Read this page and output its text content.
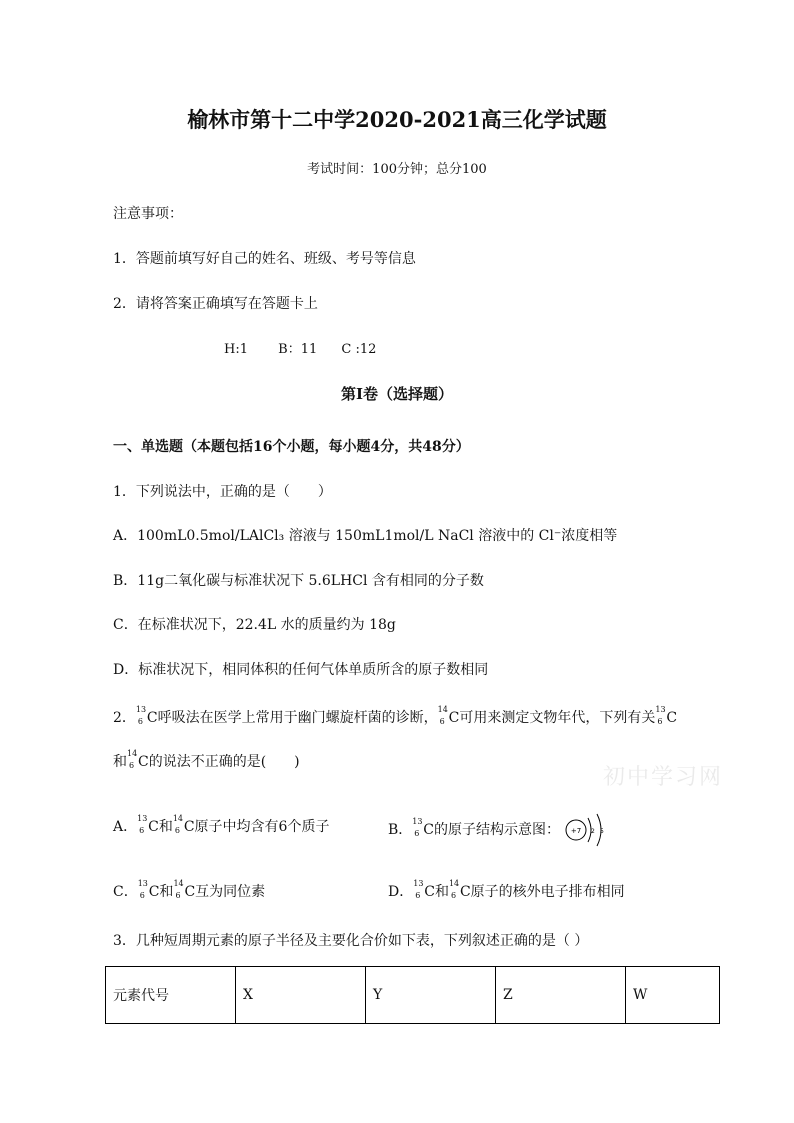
榆林市第十二中学2020-2021高三化学试题
考试时间：100分钟；总分100
注意事项：
1．答题前填写好自己的姓名、班级、考号等信息
2．请将答案正确填写在答题卡上
H:1 B：11 C :12
第I卷（选择题）
一、单选题（本题包括16个小题，每小题4分，共48分）
1．下列说法中，正确的是（　　）
A．100mL0.5mol/LAlCl₃ 溶液与 150mL1mol/L NaCl 溶液中的 Cl⁻浓度相等
B．11g二氧化碳与标准状况下 5.6LHCl 含有相同的分子数
C．在标准状况下，22.4L 水的质量约为 18g
D．标准状况下，相同体积的任何气体单质所含的原子数相同
2．
13
6 C呼吸法在医学上常用于幽门螺旋杆菌的诊断，
14
6 C可用来测定文物年代，下列有关
13
6 C
和
14
6 C的说法不正确的是(　　)
A．
13
6 C和
14
6 C原子中均含有6个质子	B．
13
6 C的原子结构示意图： +7 2 5
C．
13
6 C和
14
6 C互为同位素	D．
13
6 C和
14
6 C原子的核外电子排布相同
初中学习网
3．几种短周期元素的原子半径及主要化合价如下表，下列叙述正确的是（ ）
元素代号	X	Y	Z	W
